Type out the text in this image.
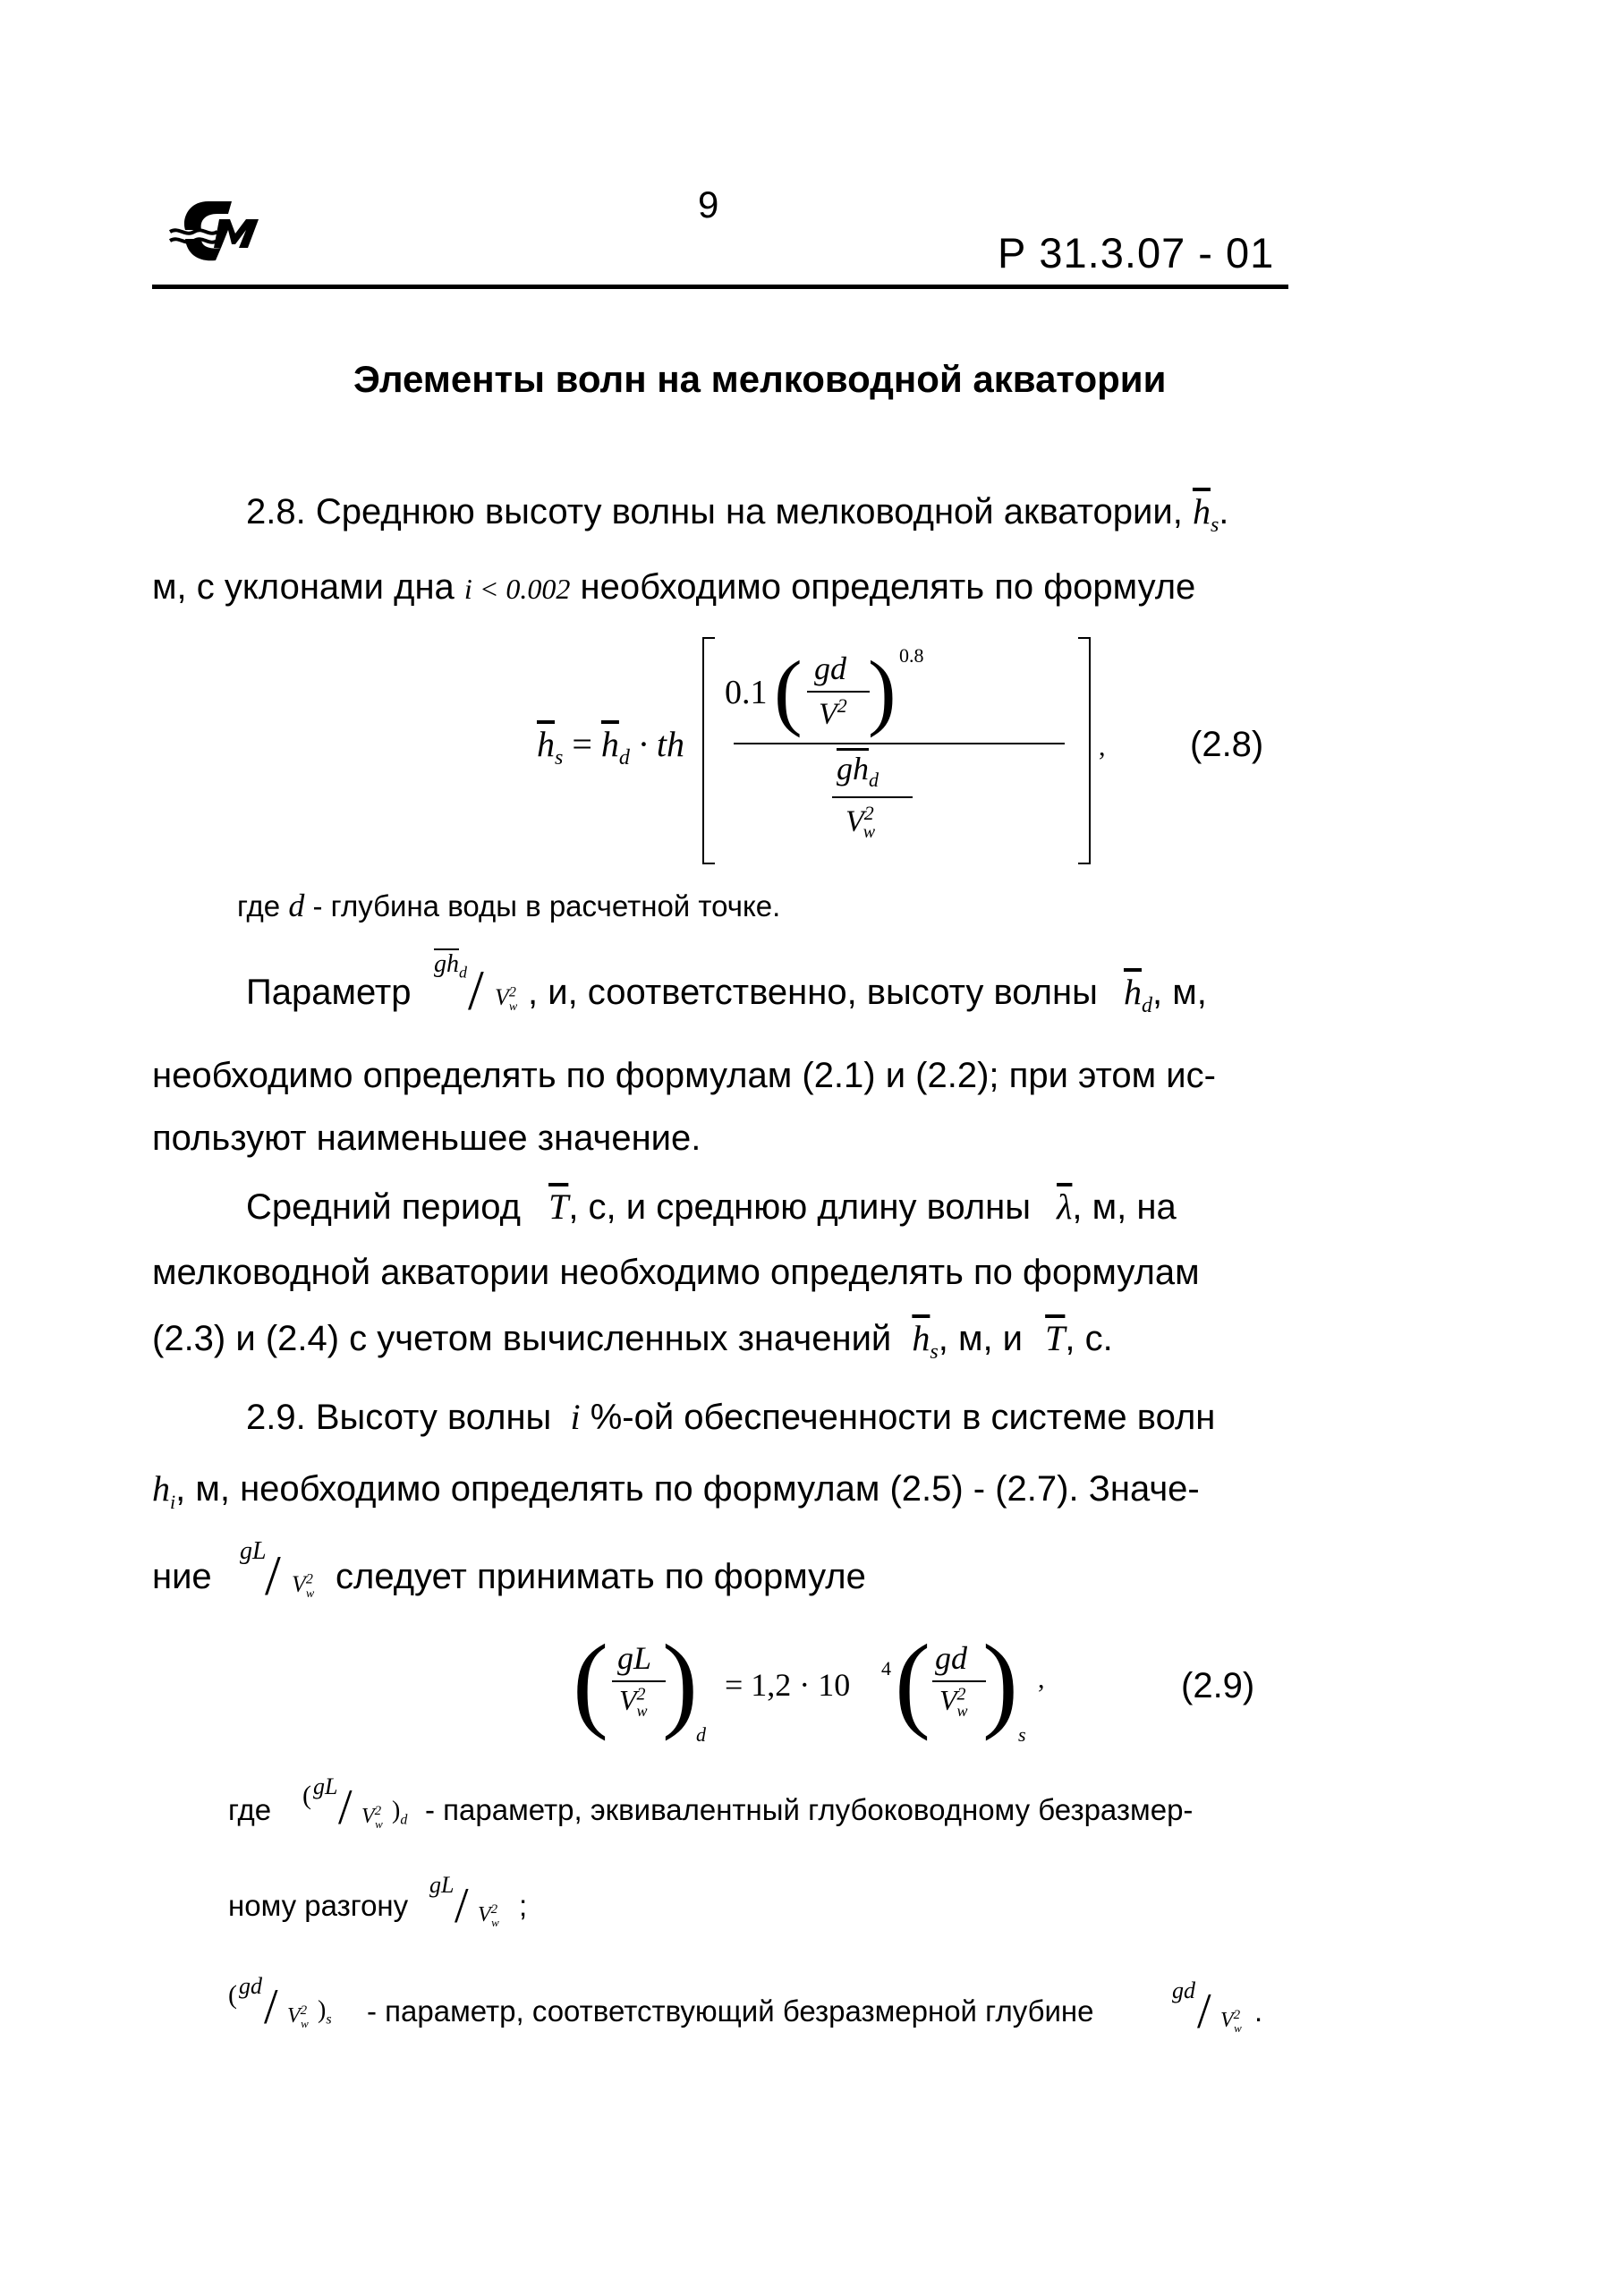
9
Р 31.3.07 - 01
Элементы волн на мелководной акватории
2.8. Среднюю высоту волны на мелководной акватории, $\overline{h}_s$.
м, с уклонами дна i < 0.002 необходимо определять по формуле
$\overline{h}_s = \overline{h}_d$ · th
0.1 ( gd
$V^2$ ) 0.8
$\overline{gh}_d$
$V^2_w$
, (2.8)
где d - глубина воды в расчетной точке.
Параметр
$\overline{gh}_d / V^2_w$ , и, соответственно, высоту волны $\overline{h}_d$, м,
необходимо определять по формулам (2.1) и (2.2); при этом ис-
пользуют наименьшее значение.
Средний период $\overline{T}$, с, и среднюю длину волны $\overline{\lambda}$, м, на
мелководной акватории необходимо определять по формулам
(2.3) и (2.4) с учетом вычисленных значений $\overline{h}_s$, м, и $\overline{T}$, с.
2.9. Высоту волны i %-ой обеспеченности в системе волн
$h_i$, м, необходимо определять по формулам (2.5) - (2.7). Значе-
ние
gL
/ $V^2_w$ следует принимать по формуле
( gL
$V^2_w$ )
d
= 1,2 · 10 4 ( gd
$V^2_w$ ) s
,	(2.9)
где ( gL / $V^2_w$ )$_d$ - параметр, эквивалентный глубоководному безразмер-
ному разгону
gL / $V^2_w$
;
( gd / $V^2_w$ )$_s$ - параметр, соответствующий безразмерной глубине
gd / $V^2_w$
.
